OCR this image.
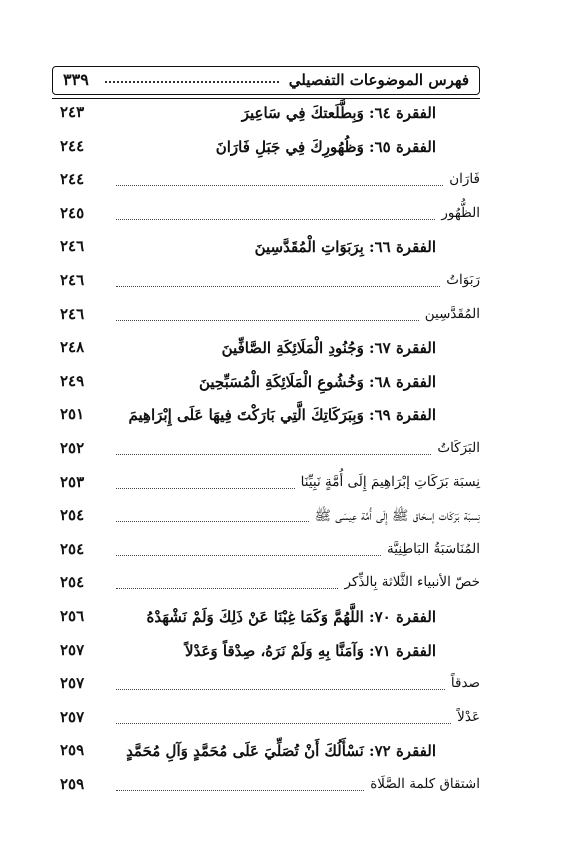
فهرس الموضوعات التفصيلي
٣٣٩
الفقرة ٦٤: وَبِطَّلَعتكَ فِي سَاعِيرَ
٢٤٣
الفقرة ٦٥: وَظُهُورِكَ فِي جَبَلِ فَارَانَ
٢٤٤
فَارَان
٢٤٤
الظُّهُور
٢٤٥
الفقرة ٦٦: بِرَبَوَاتِ الْمُقَدَّسِينَ
٢٤٦
رَبَوَاتُ
٢٤٦
المُقَدَّسِين
٢٤٦
الفقرة ٦٧: وَجُنُودِ الْمَلَائِكَةِ الصَّافِّينَ
٢٤٨
الفقرة ٦٨: وَخُشُوعِ الْمَلَائِكَةِ الْمُسَبِّحِينَ
٢٤٩
الفقرة ٦٩: وَبِبَرَكَاتِكَ الَّتِي بَارَكْتَ فِيهَا عَلَى إِبْرَاهِيمَ
٢٥١
البَرَكَاتُ
٢٥٢
نِسبَة بَرَكَاتِ إبْرَاهِيمَ إِلَى أُمَّةٍ نَبِيِّنَا
٢٥٣
نِسبَة بَرَكَات إسحَاق ﷺ إِلَى أُمَّة عِيسَى ﷺ
٢٥٤
المُنَاسَبَةُ البَاطِنِيَّة
٢٥٤
خصّ الأنبياء الثَّلاثة بِالذِّكر
٢٥٤
الفقرة ٧٠: اللَّهُمَّ وَكَمَا غِبْنَا عَنْ ذَلِكَ وَلَمْ نَشْهَدْهُ
٢٥٦
الفقرة ٧١: وَآمَنَّا بِهِ وَلَمْ نَرَهُ، صِدْقاً وَعَدْلاً
٢٥٧
صدقاً
٢٥٧
عَدْلاً
٢٥٧
الفقرة ٧٢: نَسْأَلُكَ أَنْ تُصَلِّيَ عَلَى مُحَمَّدٍ وَآلِ مُحَمَّدٍ
٢٥٩
اشتقاق كلمة الصَّلَاة
٢٥٩
